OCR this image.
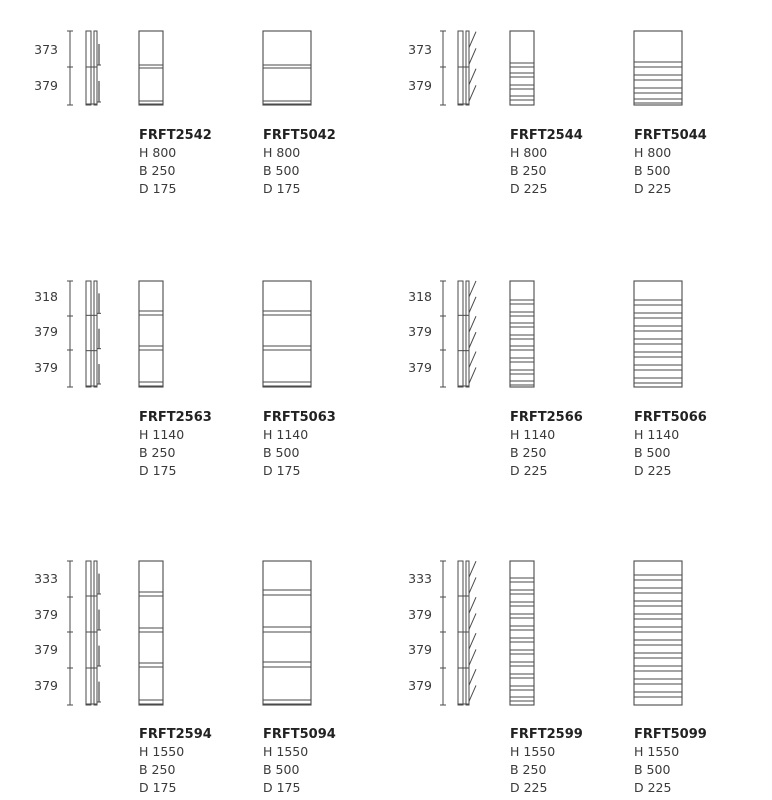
373
379
FRFT2542
H 800
B 250
D 175
FRFT5042
H 800
B 500
D 175
373
379
FRFT2544
H 800
B 250
D 225
FRFT5044
H 800
B 500
D 225
318
379
379
FRFT2563
H 1140
B 250
D 175
FRFT5063
H 1140
B 500
D 175
318
379
379
FRFT2566
H 1140
B 250
D 225
FRFT5066
H 1140
B 500
D 225
333
379
379
379
FRFT2594
H 1550
B 250
D 175
FRFT5094
H 1550
B 500
D 175
333
379
379
379
FRFT2599
H 1550
B 250
D 225
FRFT5099
H 1550
B 500
D 225
